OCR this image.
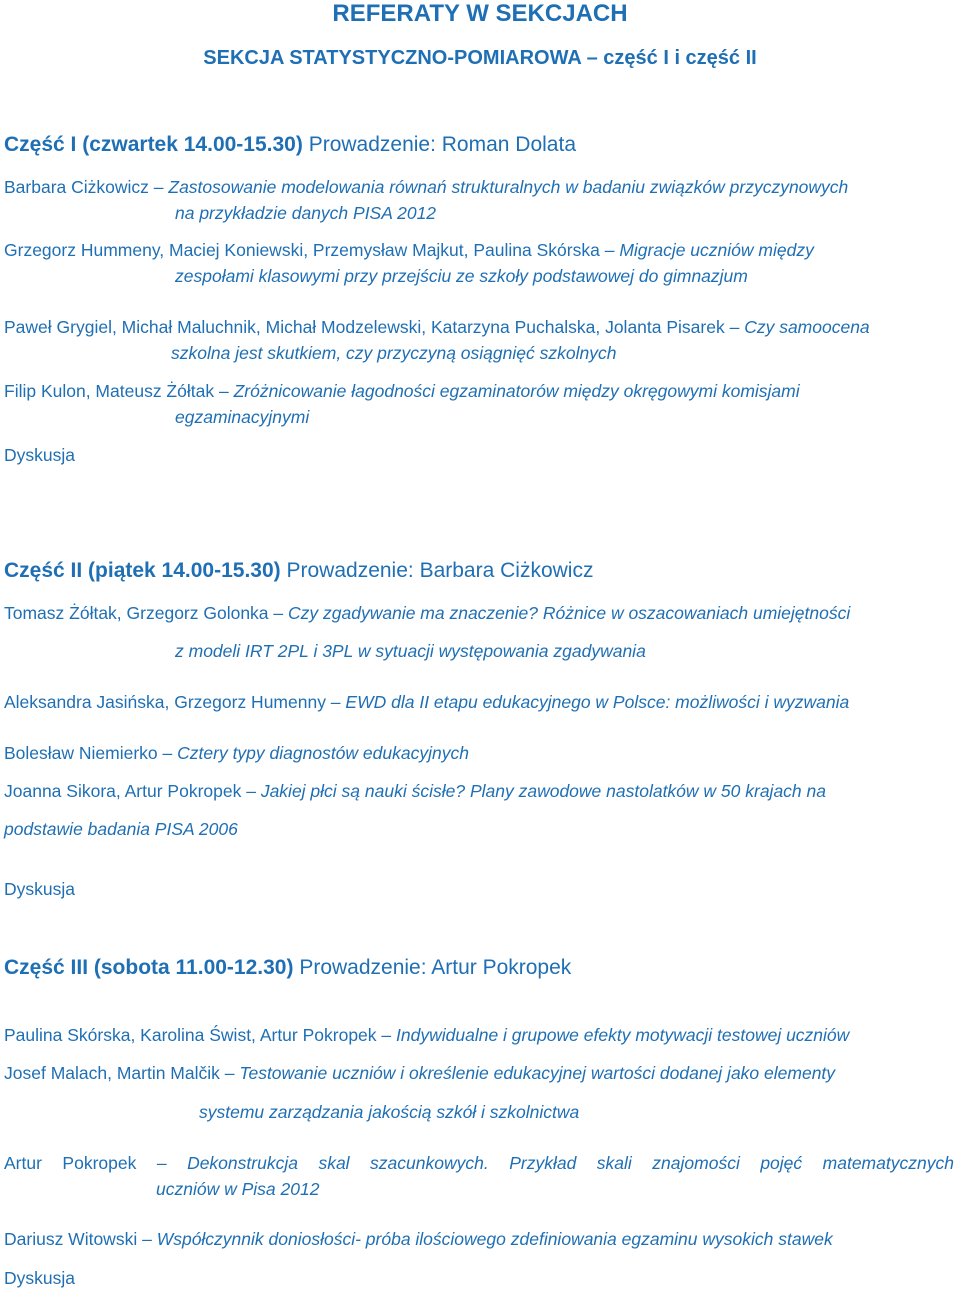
REFERATY W SEKCJACH
SEKCJA STATYSTYCZNO-POMIAROWA – część I i część II
Część I (czwartek 14.00-15.30) Prowadzenie: Roman Dolata
Barbara Ciżkowicz – Zastosowanie modelowania równań strukturalnych w badaniu związków przyczynowych
na przykładzie danych PISA 2012
Grzegorz Hummeny, Maciej Koniewski, Przemysław Majkut, Paulina Skórska – Migracje uczniów między
zespołami klasowymi przy przejściu ze szkoły podstawowej do gimnazjum
Paweł Grygiel, Michał Maluchnik, Michał Modzelewski, Katarzyna Puchalska, Jolanta Pisarek – Czy samoocena
szkolna jest skutkiem, czy przyczyną osiągnięć szkolnych
Filip Kulon, Mateusz Żółtak – Zróżnicowanie łagodności egzaminatorów między okręgowymi komisjami
egzaminacyjnymi
Dyskusja
Część II (piątek 14.00-15.30) Prowadzenie: Barbara Ciżkowicz
Tomasz Żółtak, Grzegorz Golonka – Czy zgadywanie ma znaczenie? Różnice w oszacowaniach umiejętności
z modeli IRT 2PL i 3PL w sytuacji występowania zgadywania
Aleksandra Jasińska, Grzegorz Humenny – EWD dla II etapu edukacyjnego w Polsce: możliwości i wyzwania
Bolesław Niemierko – Cztery typy diagnostów edukacyjnych
Joanna Sikora, Artur Pokropek – Jakiej płci są nauki ścisłe? Plany zawodowe nastolatków w 50 krajach na
podstawie badania PISA 2006
Dyskusja
Część III (sobota 11.00-12.30) Prowadzenie: Artur Pokropek
Paulina Skórska, Karolina Świst, Artur Pokropek – Indywidualne i grupowe efekty motywacji testowej uczniów
Josef Malach, Martin Malčik – Testowanie uczniów i określenie edukacyjnej wartości dodanej jako elementy
systemu zarządzania jakością szkół i szkolnictwa
Artur Pokropek – Dekonstrukcja skal szacunkowych. Przykład skali znajomości pojęć matematycznych
uczniów w Pisa 2012
Dariusz Witowski – Współczynnik doniosłości- próba ilościowego zdefiniowania egzaminu wysokich stawek
Dyskusja
